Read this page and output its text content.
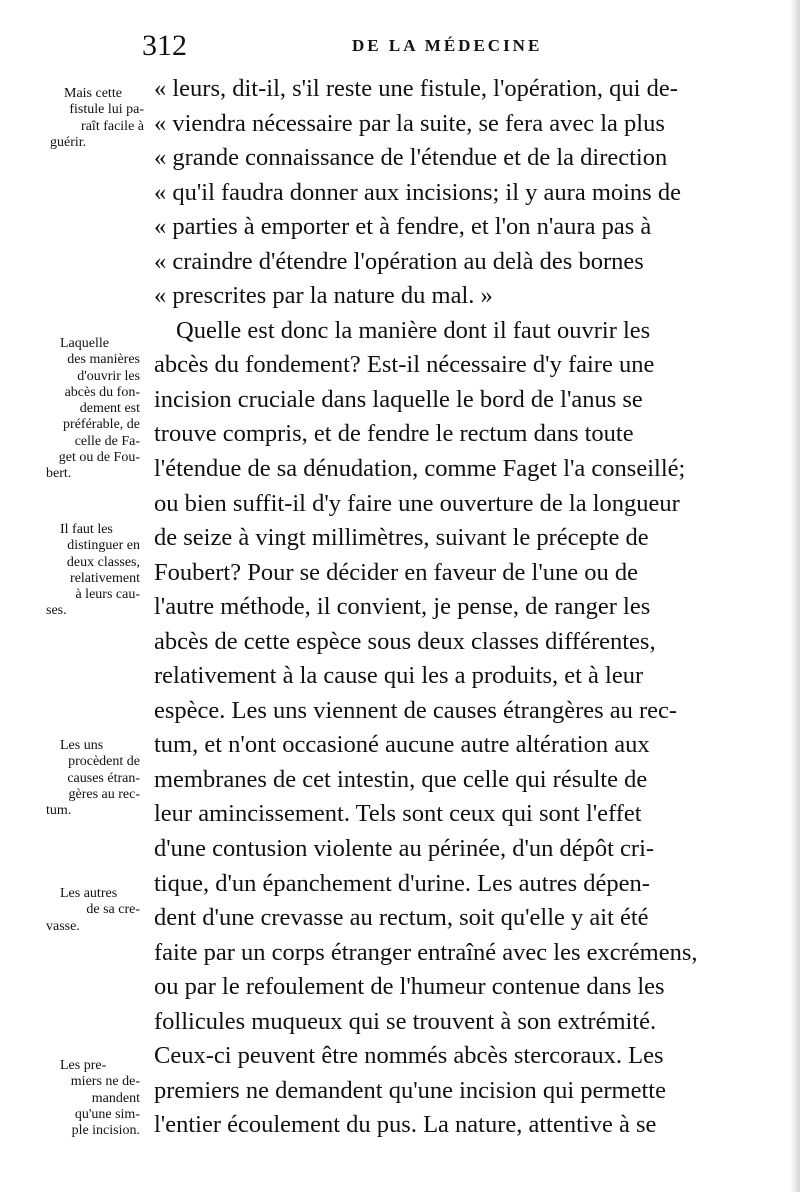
312	DE LA MÉDECINE
Mais cette
fistule lui pa-
raît facile à
guérir.
Laquelle
des manières
d'ouvrir les
abcès du fon-
dement est
préférable, de
celle de Fa-
get ou de Fou-
bert.
Il faut les
distinguer en
deux classes,
relativement
à leurs cau-
ses.
Les uns
procèdent de
causes étran-
gères au rec-
tum.
Les autres
de sa cre-
vasse.
Les pre-
miers ne de-
mandent
qu'une sim-
ple incision.
« leurs, dit-il, s'il reste une fistule, l'opération, qui de-
« viendra nécessaire par la suite, se fera avec la plus
« grande connaissance de l'étendue et de la direction
« qu'il faudra donner aux incisions; il y aura moins de
« parties à emporter et à fendre, et l'on n'aura pas à
« craindre d'étendre l'opération au delà des bornes
« prescrites par la nature du mal. »
Quelle est donc la manière dont il faut ouvrir les
abcès du fondement? Est-il nécessaire d'y faire une
incision cruciale dans laquelle le bord de l'anus se
trouve compris, et de fendre le rectum dans toute
l'étendue de sa dénudation, comme Faget l'a conseillé;
ou bien suffit-il d'y faire une ouverture de la longueur
de seize à vingt millimètres, suivant le précepte de
Foubert? Pour se décider en faveur de l'une ou de
l'autre méthode, il convient, je pense, de ranger les
abcès de cette espèce sous deux classes différentes,
relativement à la cause qui les a produits, et à leur
espèce. Les uns viennent de causes étrangères au rec-
tum, et n'ont occasioné aucune autre altération aux
membranes de cet intestin, que celle qui résulte de
leur amincissement. Tels sont ceux qui sont l'effet
d'une contusion violente au périnée, d'un dépôt cri-
tique, d'un épanchement d'urine. Les autres dépen-
dent d'une crevasse au rectum, soit qu'elle y ait été
faite par un corps étranger entraîné avec les excrémens,
ou par le refoulement de l'humeur contenue dans les
follicules muqueux qui se trouvent à son extrémité.
Ceux-ci peuvent être nommés abcès stercoraux. Les
premiers ne demandent qu'une incision qui permette
l'entier écoulement du pus. La nature, attentive à se
